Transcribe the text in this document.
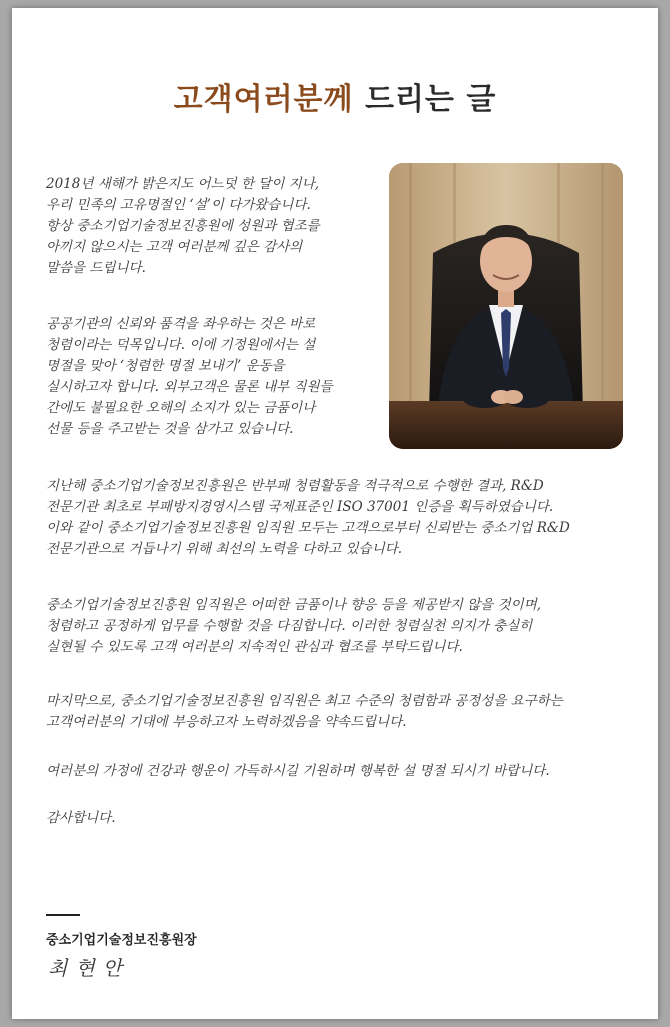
고객여러분께 드리는 글
2018년 새해가 밝은지도 어느덧 한 달이 지나,
우리 민족의 고유명절인 ‘설’이 다가왔습니다.
항상 중소기업기술정보진흥원에 성원과 협조를
아끼지 않으시는 고객 여러분께 깊은 감사의
말씀을 드립니다.
공공기관의 신뢰와 품격을 좌우하는 것은 바로
청렴이라는 덕목입니다. 이에 기정원에서는 설
명절을 맞아 ‘청렴한 명절 보내기’ 운동을
실시하고자 합니다. 외부고객은 물론 내부 직원들
간에도 불필요한 오해의 소지가 있는 금품이나
선물 등을 주고받는 것을 삼가고 있습니다.
지난해 중소기업기술정보진흥원은 반부패 청렴활동을 적극적으로 수행한 결과, R&D
전문기관 최초로 부패방지경영시스템 국제표준인 ISO 37001 인증을 획득하였습니다.
이와 같이 중소기업기술정보진흥원 임직원 모두는 고객으로부터 신뢰받는 중소기업 R&D
전문기관으로 거듭나기 위해 최선의 노력을 다하고 있습니다.
중소기업기술정보진흥원 임직원은 어떠한 금품이나 향응 등을 제공받지 않을 것이며,
청렴하고 공정하게 업무를 수행할 것을 다짐합니다. 이러한 청렴실천 의지가 충실히
실현될 수 있도록 고객 여러분의 지속적인 관심과 협조를 부탁드립니다.
마지막으로, 중소기업기술정보진흥원 임직원은 최고 수준의 청렴함과 공정성을 요구하는
고객여러분의 기대에 부응하고자 노력하겠음을 약속드립니다.
여러분의 가정에 건강과 행운이 가득하시길 기원하며 행복한 설 명절 되시기 바랍니다.
감사합니다.
중소기업기술정보진흥원장
최현안
